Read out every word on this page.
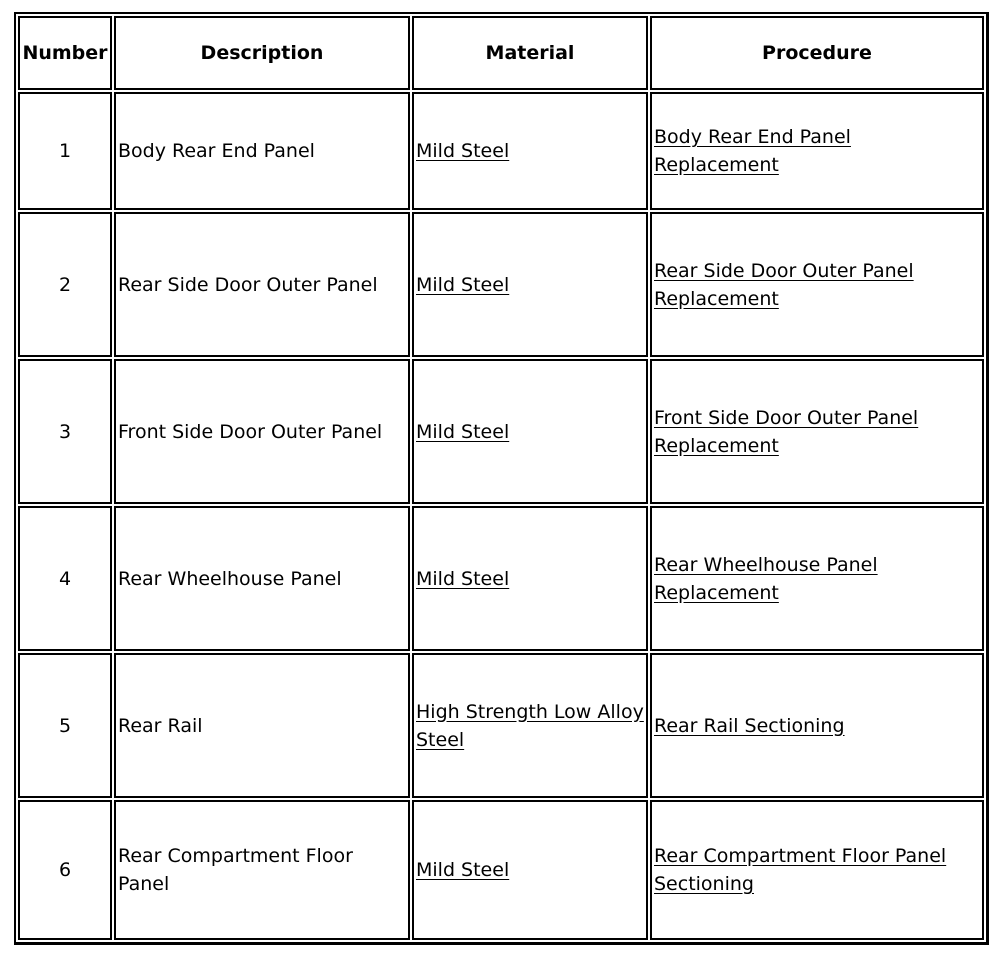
Number	Description	Material	Procedure
1	Body Rear End Panel	Mild Steel	Body Rear End Panel Replacement
2	Rear Side Door Outer Panel	Mild Steel	Rear Side Door Outer Panel Replacement
3	Front Side Door Outer Panel	Mild Steel	Front Side Door Outer Panel Replacement
4	Rear Wheelhouse Panel	Mild Steel	Rear Wheelhouse Panel Replacement
5	Rear Rail	High Strength Low Alloy Steel	Rear Rail Sectioning
6	Rear Compartment Floor Panel	Mild Steel	Rear Compartment Floor Panel Sectioning
